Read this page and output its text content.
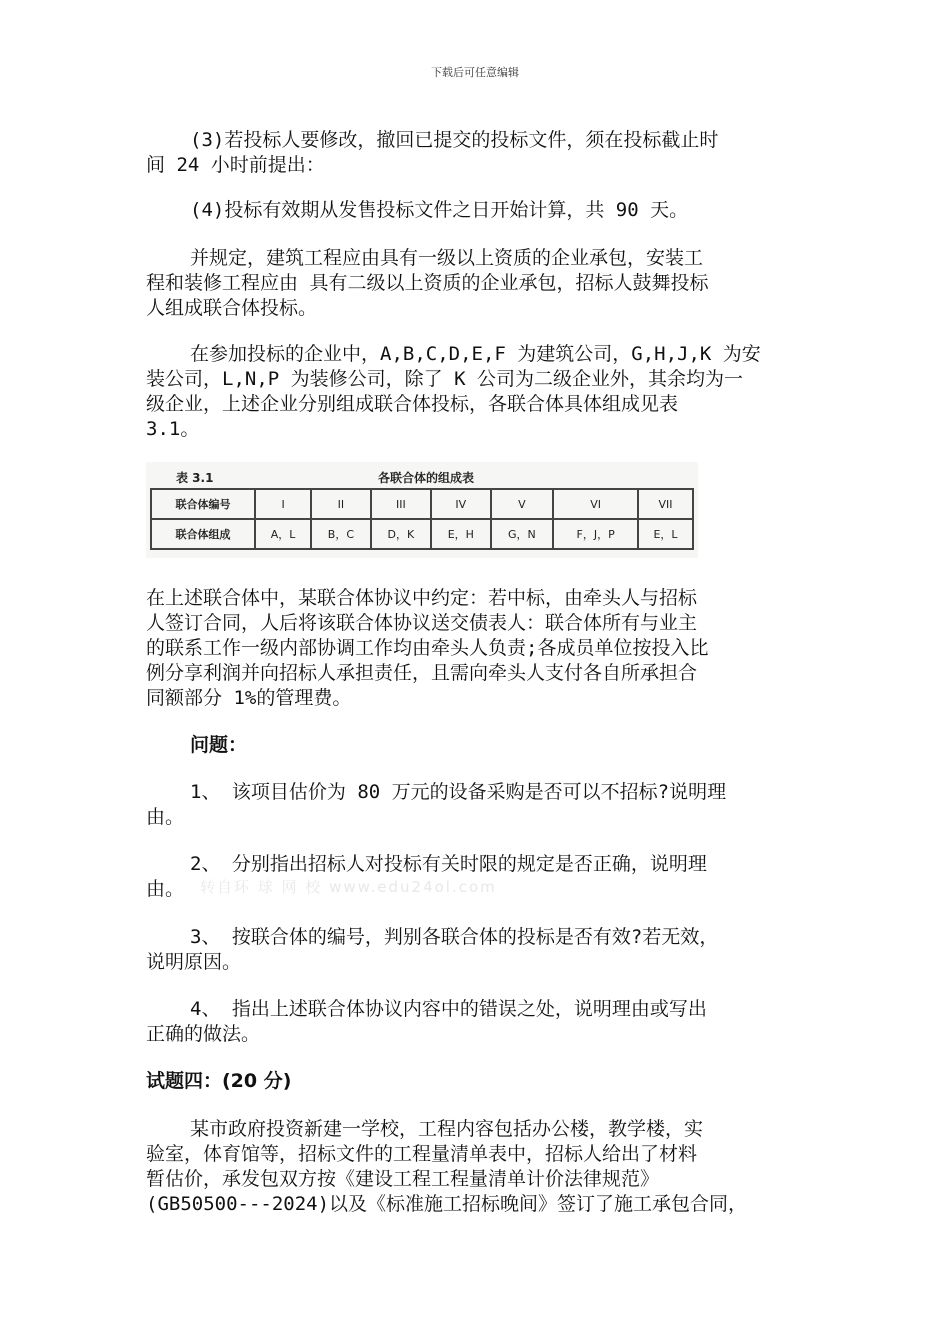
下载后可任意编辑

(3)若投标人要修改，撤回已提交的投标文件，须在投标截止时
间 24 小时前提出：

(4)投标有效期从发售投标文件之日开始计算，共 90 天。

并规定，建筑工程应由具有一级以上资质的企业承包，安装工
程和装修工程应由 具有二级以上资质的企业承包，招标人鼓舞投标
人组成联合体投标。

在参加投标的企业中，A,B,C,D,E,F 为建筑公司，G,H,J,K 为安
装公司，L,N,P 为装修公司，除了 K 公司为二级企业外，其余均为一
级企业，上述企业分别组成联合体投标，各联合体具体组成见表
3.1。

表 3.1	各联合体的组成表
联合体编号	I	II	III	IV	V	VI	VII
联合体组成	A，L	B，C	D，K	E，H	G，N	F，J，P	E，L

在上述联合体中，某联合体协议中约定：若中标，由牵头人与招标
人签订合同，人后将该联合体协议送交债表人：联合体所有与业主
的联系工作一级内部协调工作均由牵头人负责;各成员单位按投入比
例分享利润并向招标人承担责任，且需向牵头人支付各自所承担合
同额部分 1%的管理费。

问题：

1、 该项目估价为 80 万元的设备采购是否可以不招标?说明理
由。

2、 分别指出招标人对投标有关时限的规定是否正确，说明理
由。	转自环 球 网 校 www.edu24ol.com

3、 按联合体的编号，判别各联合体的投标是否有效?若无效，
说明原因。

4、 指出上述联合体协议内容中的错误之处，说明理由或写出
正确的做法。

试题四：(20 分)

某市政府投资新建一学校，工程内容包括办公楼，教学楼，实
验室，体育馆等，招标文件的工程量清单表中，招标人给出了材料
暂估价，承发包双方按《建设工程工程量清单计价法律规范》
(GB50500---2024)以及《标准施工招标晚间》签订了施工承包合同，
